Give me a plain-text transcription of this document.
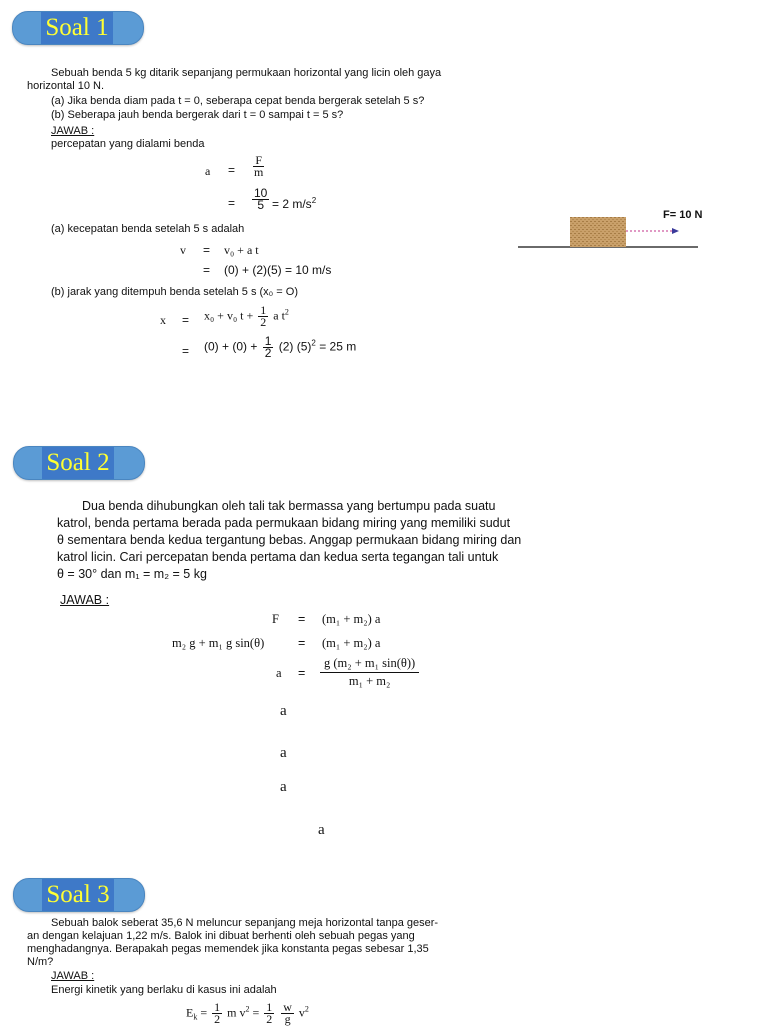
Soal 1
Sebuah benda 5 kg ditarik sepanjang permukaan horizontal yang licin oleh gaya
horizontal 10 N.
(a) Jika benda diam pada t = 0, seberapa cepat benda bergerak setelah 5 s?
(b) Seberapa jauh benda bergerak dari t = 0 sampai t = 5 s?
JAWAB :
percepatan yang dialami benda
$a = \frac{F}{m}$
= $\frac{10}{5} = 2$ $m/s^2$
(a) kecepatan benda setelah 5 s adalah
v = v₀ + a t
= (0) + (2)(5) = 10 m/s
(b) jarak yang ditempuh benda setelah 5 s (x₀ = O)
x = x₀ + v₀ $t + \frac{1}{2}$ a $t^2$
= $(0) + (0) + \frac{1}{2} (2) (5)^2 = 25$ m
F= 10 N
Soal 2
Dua benda dihubungkan oleh tali tak bermassa yang bertumpu pada suatu
katrol, benda pertama berada pada permukaan bidang miring yang memiliki sudut
θ sementara benda kedua tergantung bebas. Anggap permukaan bidang miring dan
katrol licin. Cari percepatan benda pertama dan kedua serta tegangan tali untuk
θ = 30° dan m₁ = m₂ = 5 kg
JAWAB :
F = (m₁ + m₂) a
m₂ g + m₁ g sin(θ)	= (m₁ + m₂) a
$a = \frac{\text{g (m₂ + m₁ sin(θ))}}{\text{m₁ + m₂}}$
a
a
a
a
Soal 3
Sebuah balok seberat 35,6 N meluncur sepanjang meja horizontal tanpa geser-
an dengan kelajuan 1,22 m/s. Balok ini dibuat berhenti oleh sebuah pegas yang
menghadangnya. Berapakah pegas memendek jika konstanta pegas sebesar 1,35
N/m?
JAWAB :
Energi kinetik yang berlaku di kasus ini adalah
$E_k = \frac{1}{2}$ m $v^2 = \frac{1}{2}$
$\frac{w}{g} v^2$
